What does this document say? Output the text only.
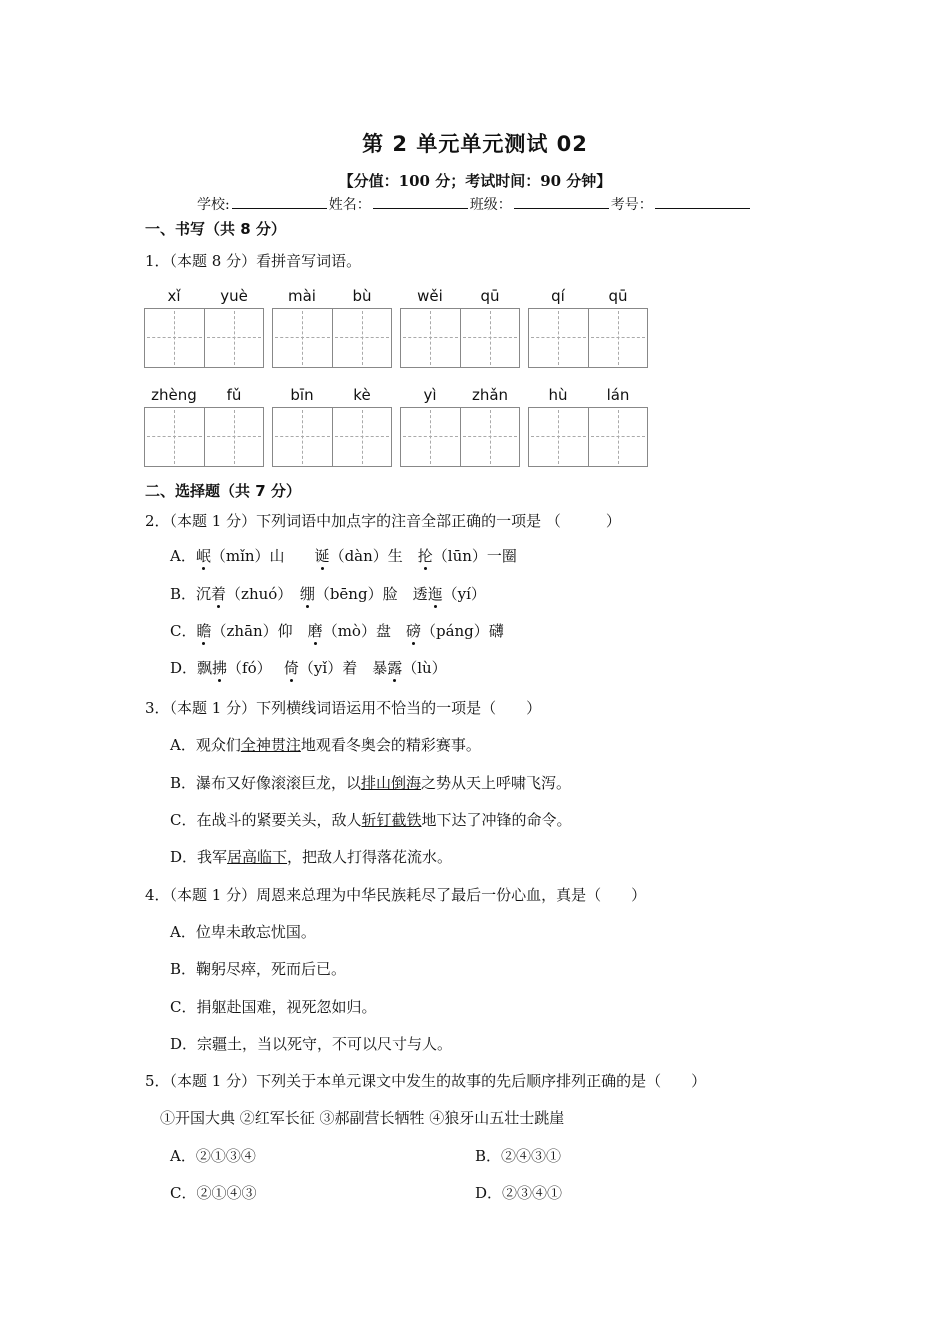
第 2 单元单元测试 02
【分值：100 分；考试时间：90 分钟】
学校:	姓名：	班级：	考号：
一、书写（共 8 分）
1．（本题 8 分）看拼音写词语。
xǐ	yuè	mài	bù	wěi	qū	qí	qū
zhèng	fǔ	bīn	kè	yì	zhǎn	hù	lán
二、选择题（共 7 分）
2．（本题 1 分）下列词语中加点字的注音全部正确的一项是 （　　　）
A．岷（mǐn）山　　诞（dàn）生　抡（lūn）一圈
B．沉着（zhuó）　绷（bēng）脸　透迤（yí）
C．瞻（zhān）仰　磨（mò）盘　磅（páng）礴
D．飘拂（fó）　 倚（yǐ）着　暴露（lù）
3．（本题 1 分）下列横线词语运用不恰当的一项是（　　）
A．观众们全神贯注地观看冬奥会的精彩赛事。
B．瀑布又好像滚滚巨龙，以排山倒海之势从天上呼啸飞泻。
C．在战斗的紧要关头，敌人斩钉截铁地下达了冲锋的命令。
D．我军居高临下，把敌人打得落花流水。
4．（本题 1 分）周恩来总理为中华民族耗尽了最后一份心血，真是（　　）
A．位卑未敢忘忧国。
B．鞠躬尽瘁，死而后已。
C．捐躯赴国难，视死忽如归。
D．宗疆土，当以死守，不可以尺寸与人。
5．（本题 1 分）下列关于本单元课文中发生的故事的先后顺序排列正确的是（　　）
①开国大典 ②红军长征 ③郝副营长牺牲 ④狼牙山五壮士跳崖
A．②①③④	B．②④③①
C．②①④③	D．②③④①
